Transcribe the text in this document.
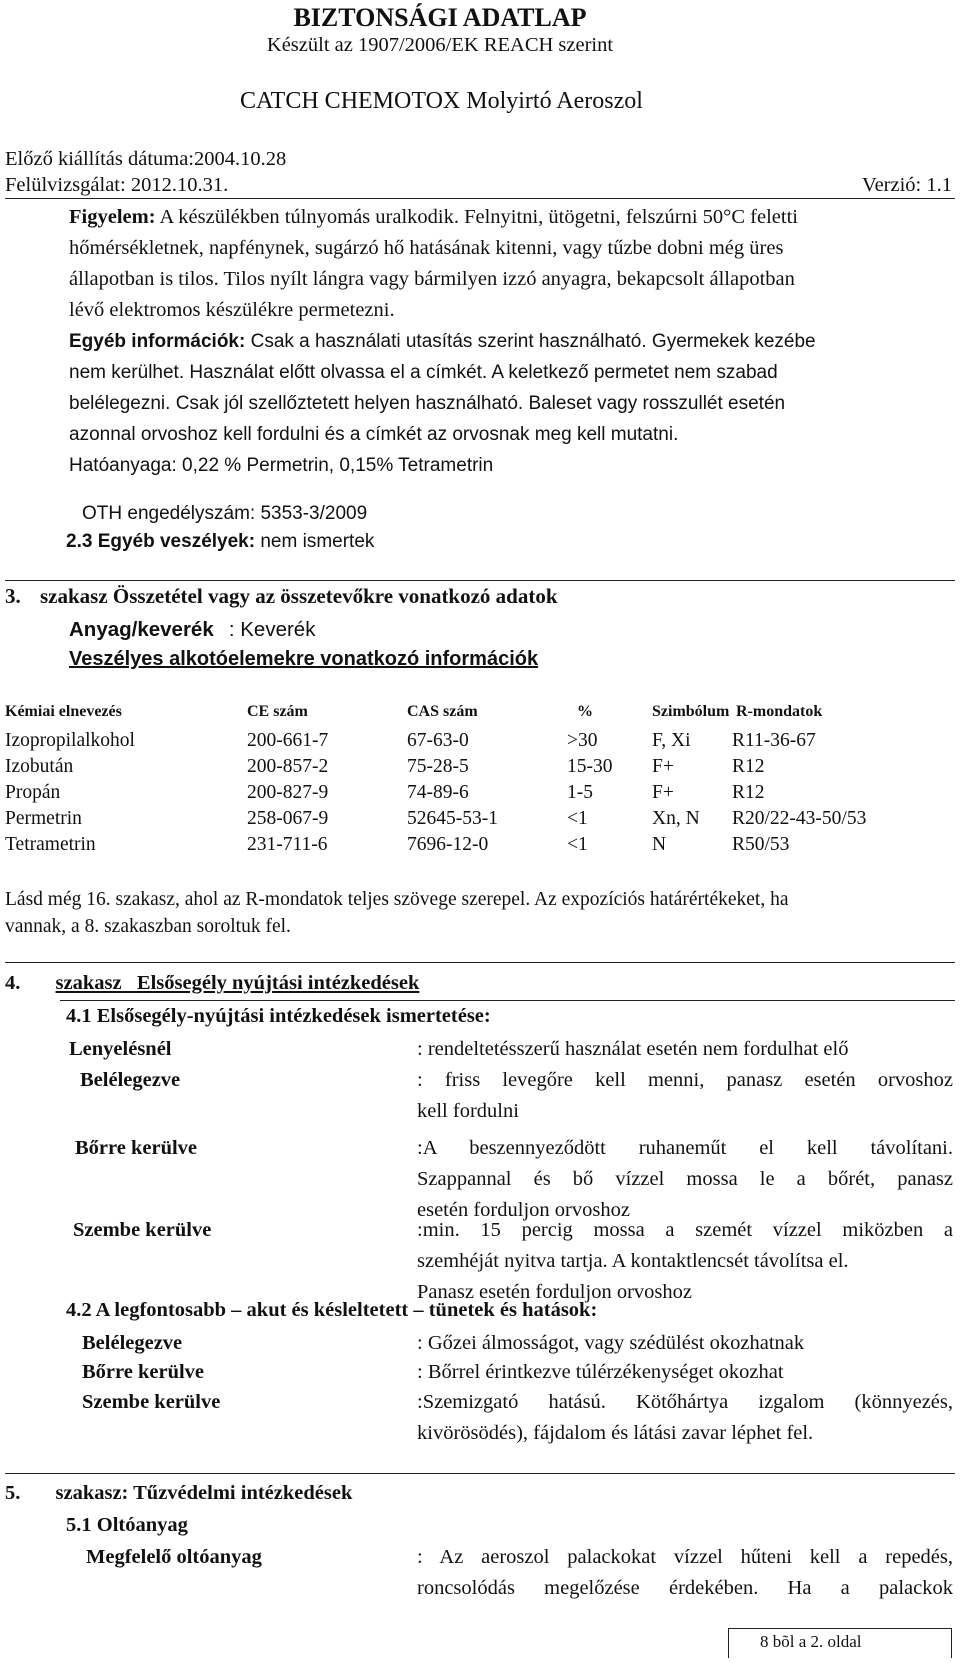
BIZTONSÁGI ADATLAP
Készült az 1907/2006/EK REACH szerint
CATCH CHEMOTOX Molyirtó Aeroszol
Előző kiállítás dátuma:2004.10.28
Felülvizsgálat: 2012.10.31.	Verzió: 1.1
Figyelem: A készülékben túlnyomás uralkodik. Felnyitni, ütögetni, felszúrni 50°C feletti
hőmérsékletnek, napfénynek, sugárzó hő hatásának kitenni, vagy tűzbe dobni még üres
állapotban is tilos. Tilos nyílt lángra vagy bármilyen izzó anyagra, bekapcsolt állapotban
lévő elektromos készülékre permetezni.
Egyéb információk: Csak a használati utasítás szerint használható. Gyermekek kezébe
nem kerülhet. Használat előtt olvassa el a címkét. A keletkező permetet nem szabad
belélegezni. Csak jól szellőztetett helyen használható. Baleset vagy rosszullét esetén
azonnal orvoshoz kell fordulni és a címkét az orvosnak meg kell mutatni.
Hatóanyaga: 0,22 % Permetrin, 0,15% Tetrametrin
OTH engedélyszám: 5353-3/2009
2.3 Egyéb veszélyek: nem ismertek
3. szakasz Összetétel vagy az összetevőkre vonatkozó adatok
Anyag/keverék : Keverék
Veszélyes alkotóelemekre vonatkozó információk
Kémiai elnevezés	CE szám	CAS szám	%	Szimbólum	R-mondatok
Izopropilalkohol	200-661-7	67-63-0	>30	F, Xi	R11-36-67
Izobután	200-857-2	75-28-5	15-30	F+	R12
Propán	200-827-9	74-89-6	1-5	F+	R12
Permetrin	258-067-9	52645-53-1	<1	Xn, N	R20/22-43-50/53
Tetrametrin	231-711-6	7696-12-0	<1	N	R50/53
Lásd még 16. szakasz, ahol az R-mondatok teljes szövege szerepel. Az expozíciós határértékeket, ha
vannak, a 8. szakaszban soroltuk fel.
4. szakasz   Elsősegély nyújtási intézkedések
4.1 Elsősegély-nyújtási intézkedések ismertetése:
Lenyelésnél	: rendeltetésszerű használat esetén nem fordulhat elő
Belélegezve	: friss levegőre kell menni, panasz esetén orvoshoz
kell fordulni
Bőrre kerülve	:A beszennyeződött ruhaneműt el kell távolítani.
Szappannal és bő vízzel mossa le a bőrét, panasz
esetén forduljon orvoshoz
Szembe kerülve	:min. 15 percig mossa a szemét vízzel miközben a
szemhéját nyitva tartja. A kontaktlencsét távolítsa el.
Panasz esetén forduljon orvoshoz
4.2 A legfontosabb – akut és késleltetett – tünetek és hatások:
Belélegezve	: Gőzei álmosságot, vagy szédülést okozhatnak
Bőrre kerülve	: Bőrrel érintkezve túlérzékenységet okozhat
Szembe kerülve	:Szemizgató hatású. Kötőhártya izgalom (könnyezés,
kivörösödés), fájdalom és látási zavar léphet fel.
5. szakasz: Tűzvédelmi intézkedések
5.1 Oltóanyag
Megfelelő oltóanyag	: Az aeroszol palackokat vízzel hűteni kell a repedés,
roncsolódás megelőzése érdekében. Ha a palackok
8 bõl a 2. oldal
